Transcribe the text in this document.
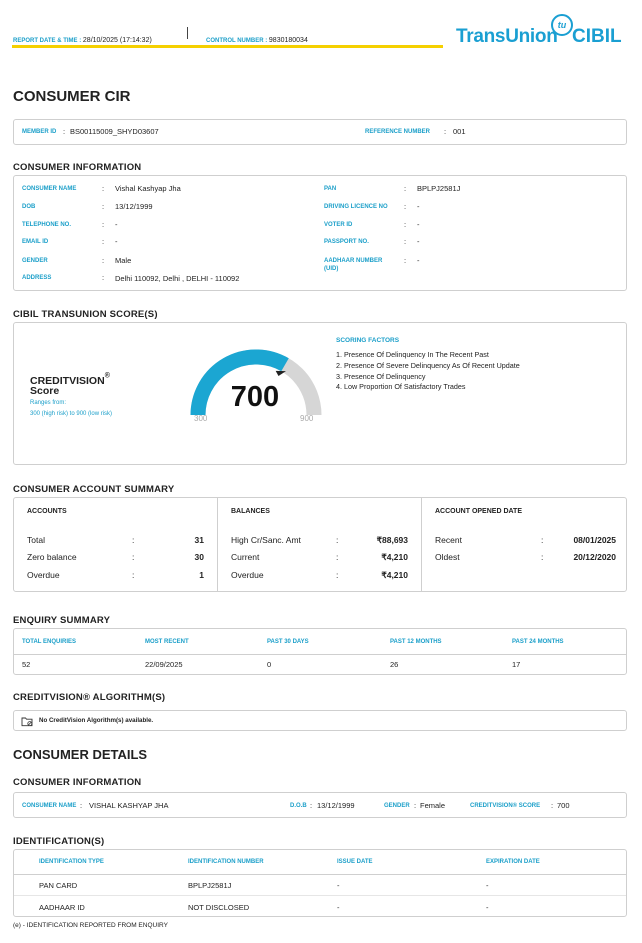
REPORT DATE & TIME : 28/10/2025 (17:14:32)	CONTROL NUMBER : 9830180034	TransUnion
tu
CIBIL
CONSUMER CIR
MEMBER ID : BS00115009_SHYD03607	REFERENCE NUMBER : 001
CONSUMER INFORMATION
CONSUMER NAME	: Vishal Kashyap Jha
DOB	: 13/12/1999
TELEPHONE NO.	: -
EMAIL ID	: -
GENDER	: Male
ADDRESS	: Delhi 110092, Delhi , DELHI - 110092
PAN	: BPLPJ2581J
DRIVING LICENCE NO : -
VOTER ID	: -
PASSPORT NO.	: -
AADHAAR NUMBER
(UID)
: -
CIBIL TRANSUNION SCORE(S)
CREDITVISION®
Score
Ranges from:
300 (high risk) to 900 (low risk)
700
300	900
SCORING FACTORS
1. Presence Of Delinquency In The Recent Past
2. Presence Of Severe Delinquency As Of Recent Update
3. Presence Of Delinquency
4. Low Proportion Of Satisfactory Trades
CONSUMER ACCOUNT SUMMARY
ACCOUNTS
Total	:	31
Zero balance	:	30
Overdue	:	1
BALANCES
High Cr/Sanc. Amt	:	₹88,693
Current	:	₹4,210
Overdue	:	₹4,210
ACCOUNT OPENED DATE
Recent	:	08/01/2025
Oldest	:	20/12/2020
ENQUIRY SUMMARY
TOTAL ENQUIRIES	MOST RECENT	PAST 30 DAYS	PAST 12 MONTHS	PAST 24 MONTHS
52	22/09/2025	0	26	17
CREDITVISION® ALGORITHM(S)
No CreditVision Algorithm(s) available.
CONSUMER DETAILS
CONSUMER INFORMATION
CONSUMER NAME : VISHAL KASHYAP JHA	D.O.B : 13/12/1999	GENDER : Female	CREDITVISION® SCORE : 700
IDENTIFICATION(S)
IDENTIFICATION TYPE	IDENTIFICATION NUMBER	ISSUE DATE	EXPIRATION DATE
PAN CARD	BPLPJ2581J	-	-
AADHAAR ID	NOT DISCLOSED	-	-
(e) - IDENTIFICATION REPORTED FROM ENQUIRY
